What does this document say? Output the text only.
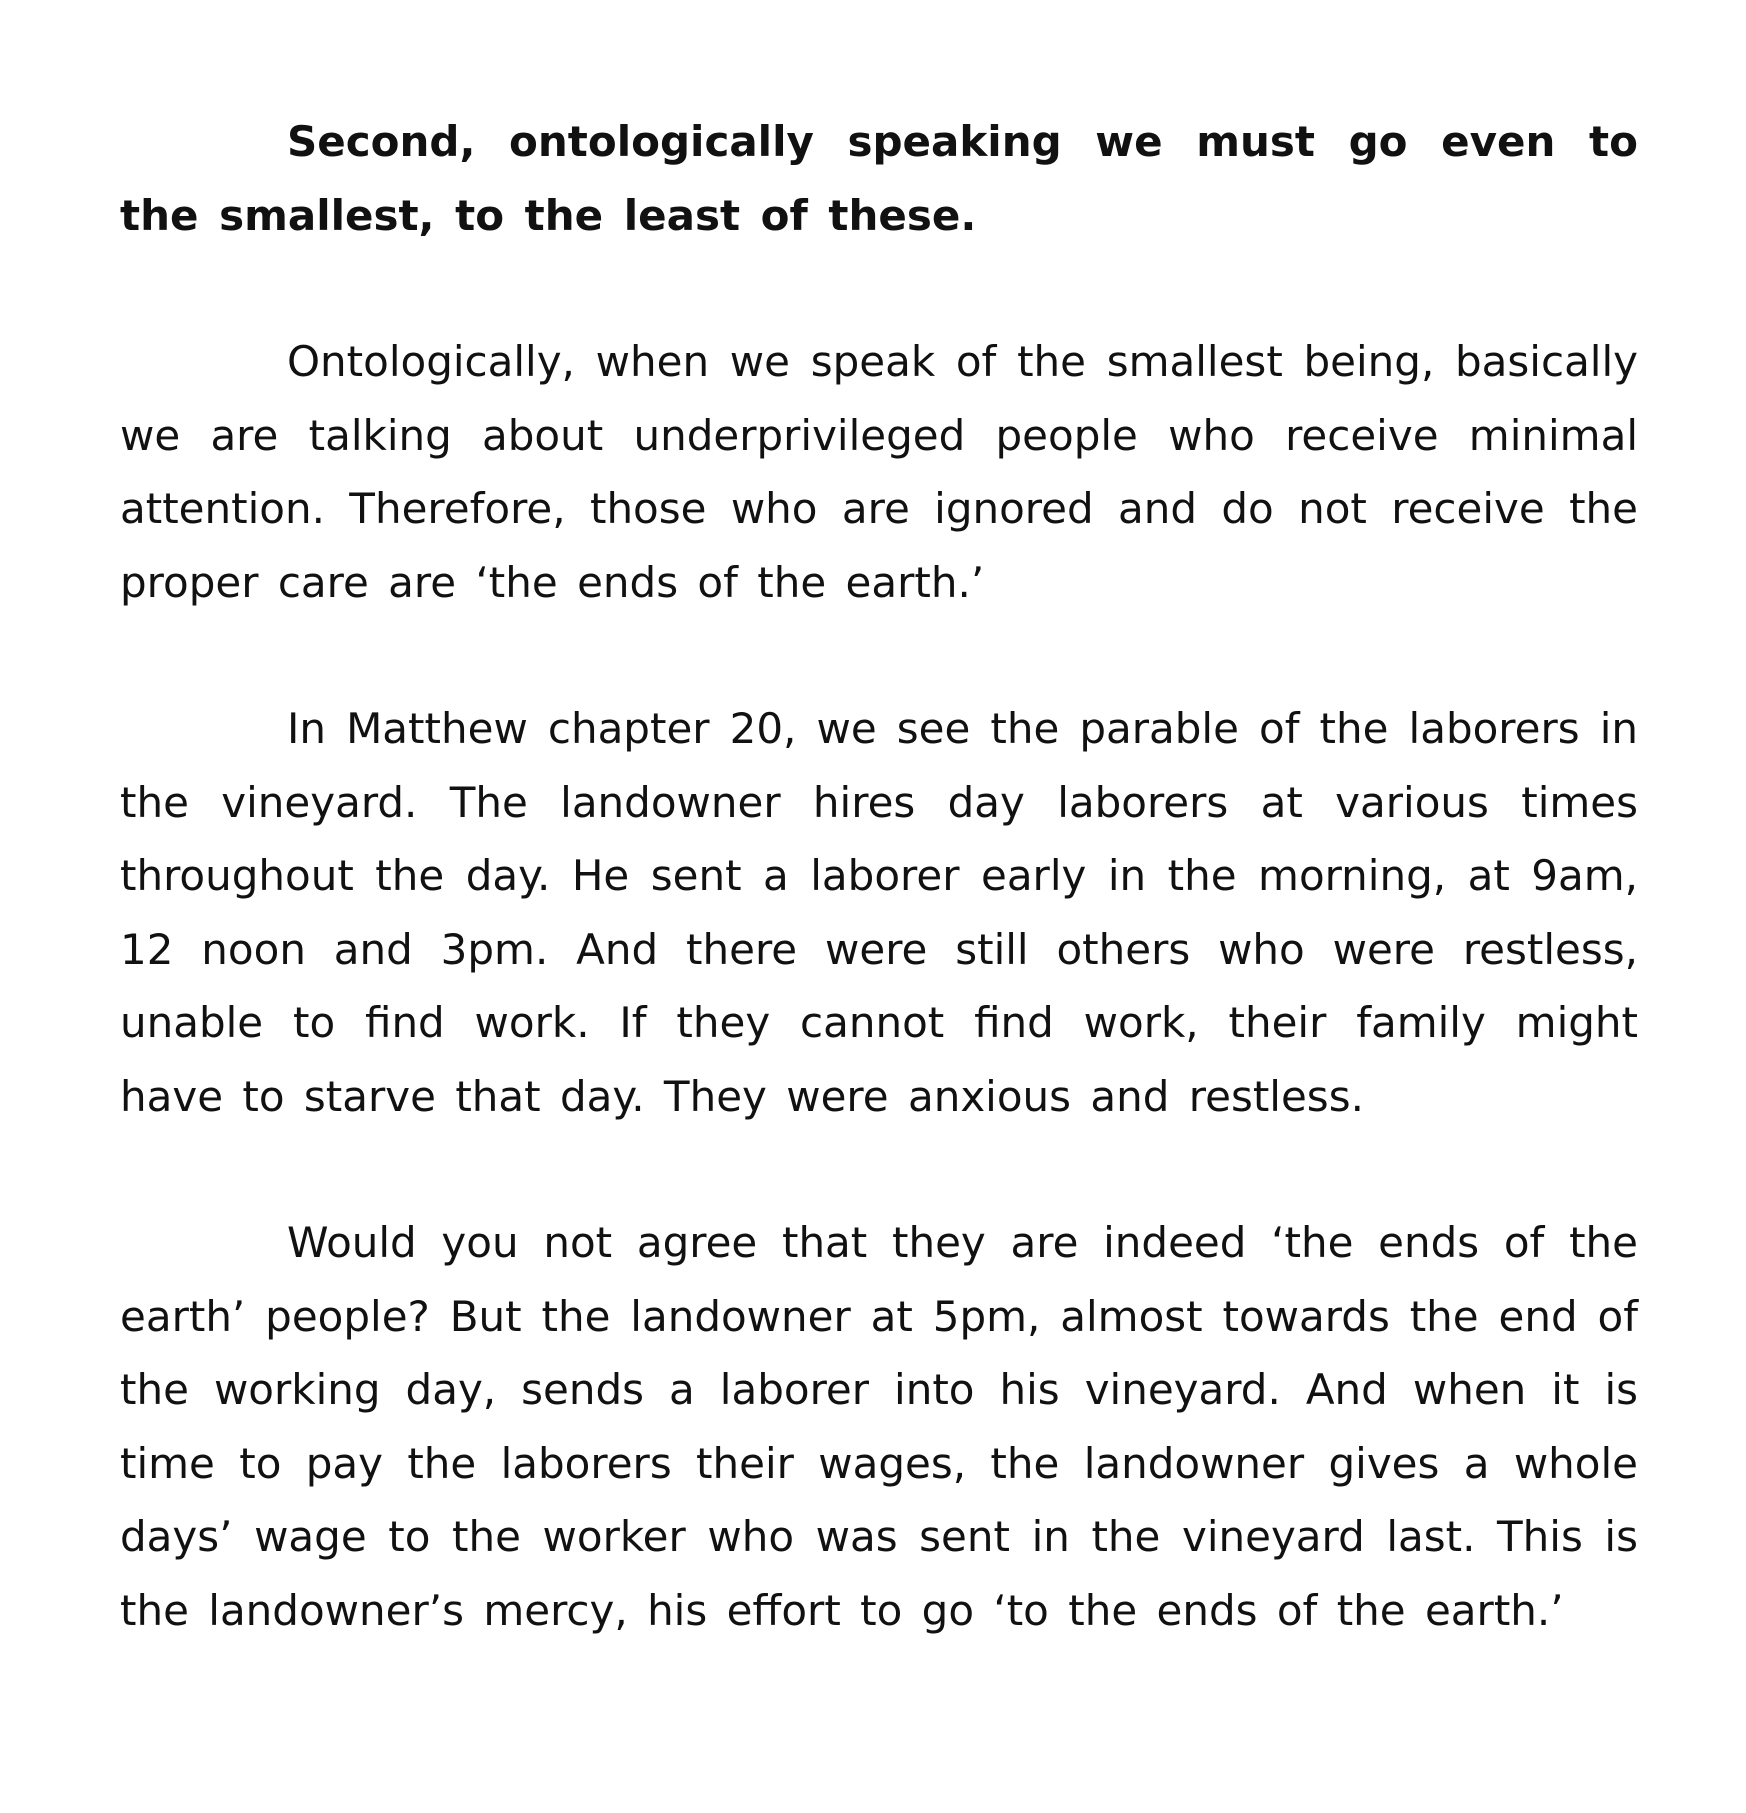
Second, ontologically speaking we must go even to the smallest, to the least of these.

Ontologically, when we speak of the smallest being, basically we are talking about underprivileged people who receive minimal attention. Therefore, those who are ignored and do not receive the proper care are ‘the ends of the earth.’

In Matthew chapter 20, we see the parable of the laborers in the vineyard. The landowner hires day laborers at various times throughout the day. He sent a laborer early in the morning, at 9am, 12 noon and 3pm. And there were still others who were restless, unable to find work. If they cannot find work, their family might have to starve that day. They were anxious and restless.

Would you not agree that they are indeed ‘the ends of the earth’ people? But the landowner at 5pm, almost towards the end of the working day, sends a laborer into his vineyard. And when it is time to pay the laborers their wages, the landowner gives a whole days’ wage to the worker who was sent in the vineyard last. This is the landowner’s mercy, his effort to go ‘to the ends of the earth.’
